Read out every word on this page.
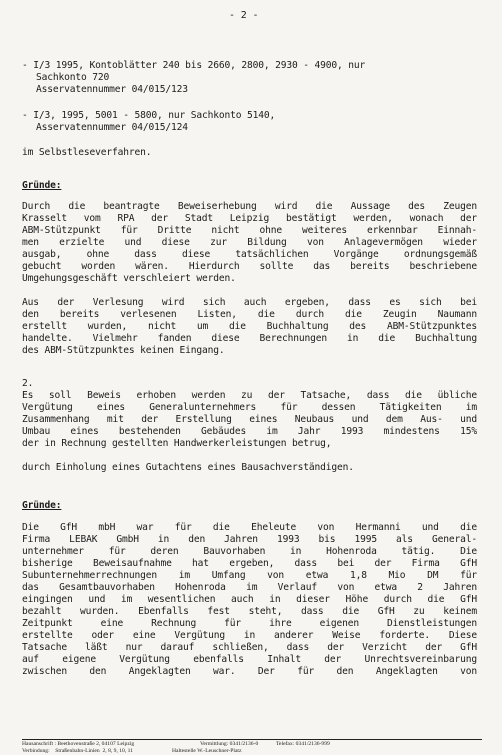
- 2 -
- I/3 1995, Kontoblätter 240 bis 2660, 2800, 2930 - 4900, nur
Sachkonto 720
Asservatennummer 04/015/123
- I/3, 1995, 5001 - 5800, nur Sachkonto 5140,
Asservatennummer 04/015/124
im Selbstleseverfahren.
Gründe:
Durch die beantragte Beweiserhebung wird die Aussage des Zeugen
Krasselt vom RPA der Stadt Leipzig bestätigt werden, wonach der
ABM-Stützpunkt für Dritte nicht ohne weiteres erkennbar Einnah-
men erzielte und diese zur Bildung von Anlagevermögen wieder
ausgab, ohne dass diese tatsächlichen Vorgänge ordnungsgemäß
gebucht worden wären. Hierdurch sollte das bereits beschriebene
Umgehungsgeschäft verschleiert werden.
Aus der Verlesung wird sich auch ergeben, dass es sich bei
den bereits verlesenen Listen, die durch die Zeugin Naumann
erstellt wurden, nicht um die Buchhaltung des ABM-Stützpunktes
handelte. Vielmehr fanden diese Berechnungen in die Buchhaltung
des ABM-Stützpunktes keinen Eingang.
2.
Es soll Beweis erhoben werden zu der Tatsache, dass die übliche
Vergütung eines Generalunternehmers für dessen Tätigkeiten im
Zusammenhang mit der Erstellung eines Neubaus und dem Aus- und
Umbau eines bestehenden Gebäudes im Jahr 1993 mindestens 15%
der in Rechnung gestellten Handwerkerleistungen betrug,
durch Einholung eines Gutachtens eines Bausachverständigen.
Gründe:
Die GfH mbH war für die Eheleute von Hermanni und die
Firma LEBAK GmbH in den Jahren 1993 bis 1995 als General-
unternehmer für deren Bauvorhaben in Hohenroda tätig. Die
bisherige Beweisaufnahme hat ergeben, dass bei der Firma GfH
Subunternehmerrechnungen im Umfang von etwa 1,8 Mio DM für
das Gesamtbauvorhaben Hohenroda im Verlauf von etwa 2 Jahren
eingingen und im wesentlichen auch in dieser Höhe durch die GfH
bezahlt wurden. Ebenfalls fest steht, dass die GfH zu keinem
Zeitpunkt eine Rechnung für ihre eigenen Dienstleistungen
erstellte oder eine Vergütung in anderer Weise forderte. Diese
Tatsache läßt nur darauf schließen, dass der Verzicht der GfH
auf eigene Vergütung ebenfalls Inhalt der Unrechtsvereinbarung
zwischen den Angeklagten war. Der für den Angeklagten von
Hausanschrift : Beethovenstraße 2, 04107 Leipzig	Vermittlung: 0341/2136-0	Telefax: 0341/2136-999
Verbindung:    Straßenbahn-Linien  2, 8, 9, 10, 11	Haltestelle W.-Leuschner-Platz
